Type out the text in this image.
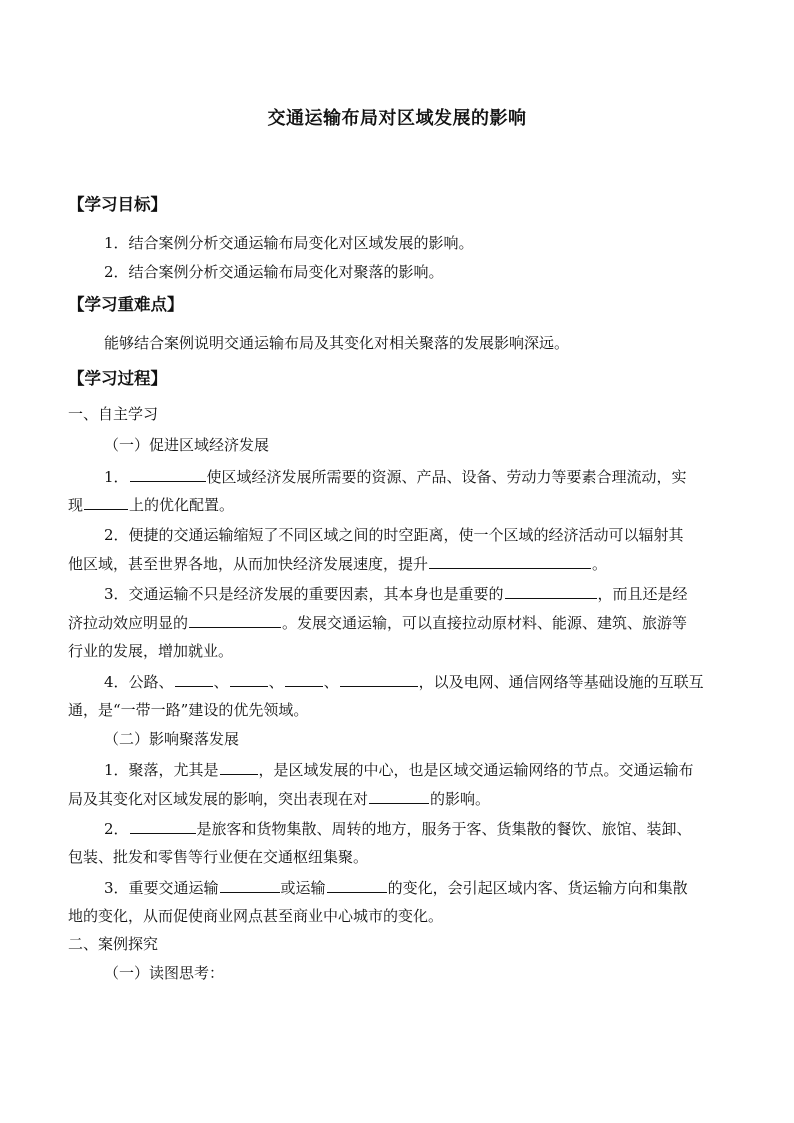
交通运输布局对区域发展的影响
【学习目标】
1．结合案例分析交通运输布局变化对区域发展的影响。
2．结合案例分析交通运输布局变化对聚落的影响。
【学习重难点】
能够结合案例说明交通运输布局及其变化对相关聚落的发展影响深远。
【学习过程】
一、自主学习
（一）促进区域经济发展
1．	使区域经济发展所需要的资源、产品、设备、劳动力等要素合理流动，实
现	上的优化配置。
2．便捷的交通运输缩短了不同区域之间的时空距离，使一个区域的经济活动可以辐射其
他区域，甚至世界各地，从而加快经济发展速度，提升	。
3．交通运输不只是经济发展的重要因素，其本身也是重要的	，而且还是经
济拉动效应明显的	。发展交通运输，可以直接拉动原材料、能源、建筑、旅游等
行业的发展，增加就业。
4．公路、	、	、	、	，以及电网、通信网络等基础设施的互联互
通，是“一带一路”建设的优先领域。
（二）影响聚落发展
1．聚落，尤其是	，是区域发展的中心，也是区域交通运输网络的节点。交通运输布
局及其变化对区域发展的影响，突出表现在对	的影响。
2．	是旅客和货物集散、周转的地方，服务于客、货集散的餐饮、旅馆、装卸、
包装、批发和零售等行业便在交通枢纽集聚。
3．重要交通运输	或运输	的变化，会引起区域内客、货运输方向和集散
地的变化，从而促使商业网点甚至商业中心城市的变化。
二、案例探究
（一）读图思考：
